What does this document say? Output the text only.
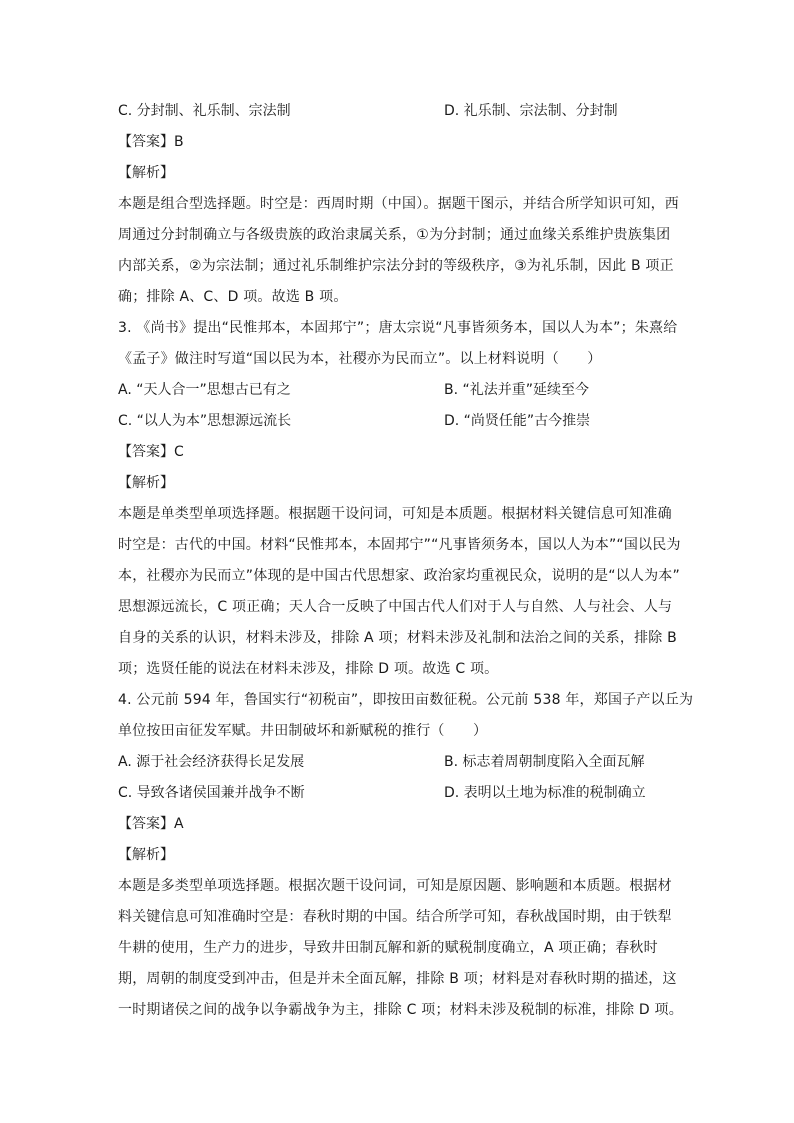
C. 分封制、礼乐制、宗法制	D. 礼乐制、宗法制、分封制
【答案】B
【解析】
本题是组合型选择题。时空是：西周时期（中国）。据题干图示，并结合所学知识可知，西
周通过分封制确立与各级贵族的政治隶属关系，①为分封制；通过血缘关系维护贵族集团
内部关系，②为宗法制；通过礼乐制维护宗法分封的等级秩序，③为礼乐制，因此 B 项正
确；排除 A、C、D 项。故选 B 项。
3. 《尚书》提出“民惟邦本，本固邦宁”；唐太宗说“凡事皆须务本，国以人为本”；朱熹给
《孟子》做注时写道“国以民为本，社稷亦为民而立”。以上材料说明（　　）
A. “天人合一”思想古已有之	B. “礼法并重”延续至今
C. “以人为本”思想源远流长	D. “尚贤任能”古今推崇
【答案】C
【解析】
本题是单类型单项选择题。根据题干设问词，可知是本质题。根据材料关键信息可知准确
时空是：古代的中国。材料“民惟邦本，本固邦宁”“凡事皆须务本，国以人为本”“国以民为
本，社稷亦为民而立”体现的是中国古代思想家、政治家均重视民众，说明的是“以人为本”
思想源远流长，C 项正确；天人合一反映了中国古代人们对于人与自然、人与社会、人与
自身的关系的认识，材料未涉及，排除 A 项；材料未涉及礼制和法治之间的关系，排除 B
项；选贤任能的说法在材料未涉及，排除 D 项。故选 C 项。
4. 公元前 594 年，鲁国实行“初税亩”，即按田亩数征税。公元前 538 年，郑国子产以丘为
单位按田亩征发军赋。井田制破坏和新赋税的推行（　　）
A. 源于社会经济获得长足发展	B. 标志着周朝制度陷入全面瓦解
C. 导致各诸侯国兼并战争不断	D. 表明以土地为标准的税制确立
【答案】A
【解析】
本题是多类型单项选择题。根据次题干设问词，可知是原因题、影响题和本质题。根据材
料关键信息可知准确时空是：春秋时期的中国。结合所学可知，春秋战国时期，由于铁犁
牛耕的使用，生产力的进步，导致井田制瓦解和新的赋税制度确立，A 项正确；春秋时
期，周朝的制度受到冲击，但是并未全面瓦解，排除 B 项；材料是对春秋时期的描述，这
一时期诸侯之间的战争以争霸战争为主，排除 C 项；材料未涉及税制的标准，排除 D 项。
